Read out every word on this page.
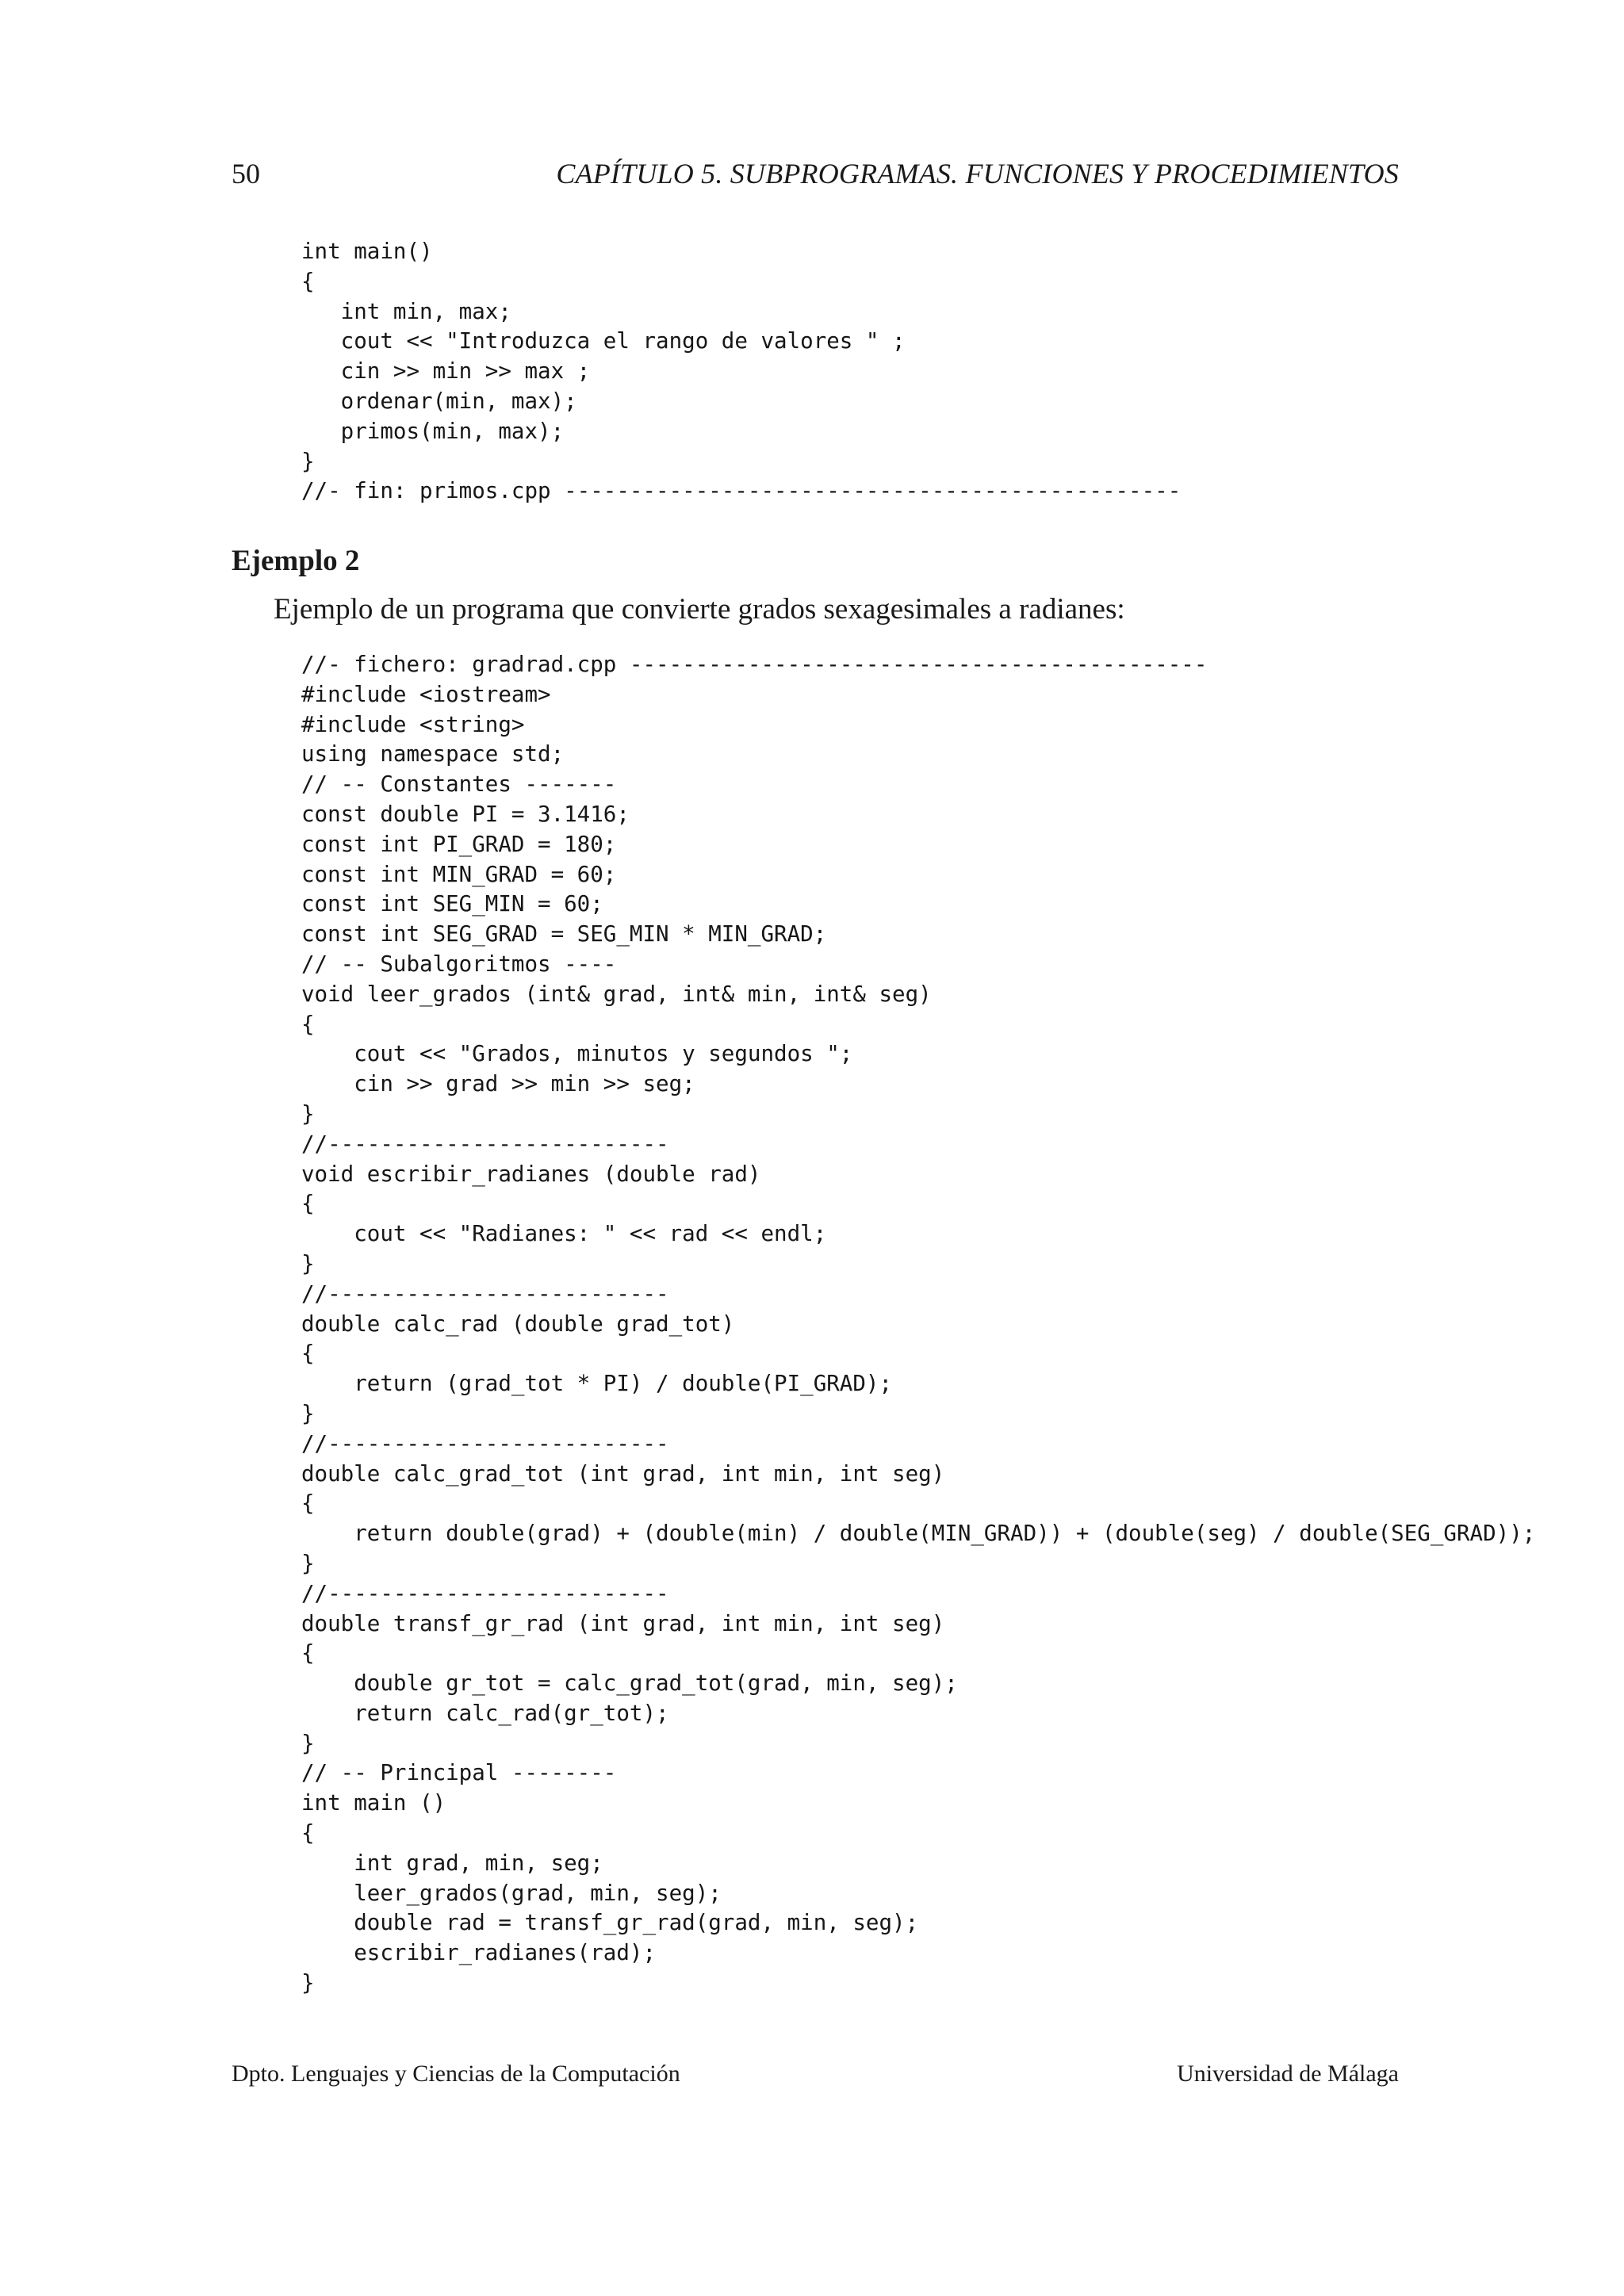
50	CAPÍTULO 5. SUBPROGRAMAS. FUNCIONES Y PROCEDIMIENTOS
int main()
{
int min, max;
cout << "Introduzca el rango de valores " ;
cin >> min >> max ;
ordenar(min, max);
primos(min, max);
}
//- fin: primos.cpp -----------------------------------------------
Ejemplo 2
Ejemplo de un programa que convierte grados sexagesimales a radianes:
//- fichero: gradrad.cpp --------------------------------------------
#include <iostream>
#include <string>
using namespace std;
// -- Constantes -------
const double PI = 3.1416;
const int PI_GRAD = 180;
const int MIN_GRAD = 60;
const int SEG_MIN = 60;
const int SEG_GRAD = SEG_MIN * MIN_GRAD;
// -- Subalgoritmos ----
void leer_grados (int& grad, int& min, int& seg)
{
cout << "Grados, minutos y segundos ";
cin >> grad >> min >> seg;
}
//--------------------------
void escribir_radianes (double rad)
{
cout << "Radianes: " << rad << endl;
}
//--------------------------
double calc_rad (double grad_tot)
{
return (grad_tot * PI) / double(PI_GRAD);
}
//--------------------------
double calc_grad_tot (int grad, int min, int seg)
{
return double(grad) + (double(min) / double(MIN_GRAD)) + (double(seg) / double(SEG_GRAD));
}
//--------------------------
double transf_gr_rad (int grad, int min, int seg)
{
double gr_tot = calc_grad_tot(grad, min, seg);
return calc_rad(gr_tot);
}
// -- Principal --------
int main ()
{
int grad, min, seg;
leer_grados(grad, min, seg);
double rad = transf_gr_rad(grad, min, seg);
escribir_radianes(rad);
}
Dpto. Lenguajes y Ciencias de la Computación	Universidad de Málaga
